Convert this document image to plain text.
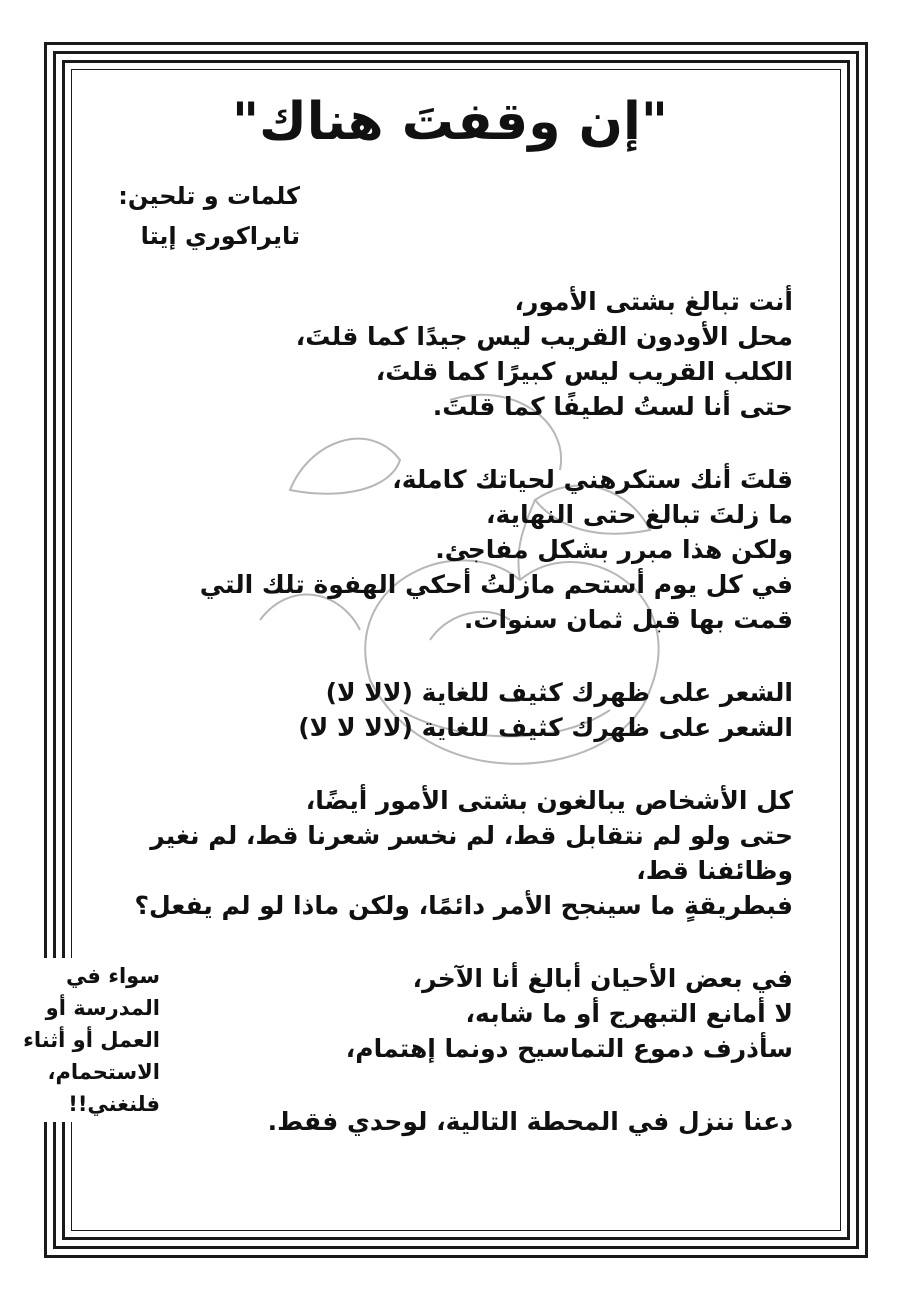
"إن وقفتَ هناك"
كلمات و تلحين:
تايراكوري إيتا
أنت تبالغ بشتى الأمور،
محل الأودون القريب ليس جيدًا كما قلتَ،
الكلب القريب ليس كبيرًا كما قلتَ،
حتى أنا لستُ لطيفًا كما قلتَ.
قلتَ أنك ستكرهني لحياتك كاملة،
ما زلتَ تبالغ حتى النهاية،
ولكن هذا مبرر بشكل مفاجئ.
في كل يوم أستحم مازلتُ أحكي الهفوة تلك التي
قمت بها قبل ثمان سنوات.
الشعر على ظهرك كثيف للغاية (لالا لا)
الشعر على ظهرك كثيف للغاية (لالا لا لا)
كل الأشخاص يبالغون بشتى الأمور أيضًا،
حتى ولو لم نتقابل قط، لم نخسر شعرنا قط، لم نغير
وظائفنا قط،
فبطريقةٍ ما سينجح الأمر دائمًا، ولكن ماذا لو لم يفعل؟
في بعض الأحيان أبالغ أنا الآخر،
لا أمانع التبهرج أو ما شابه،
سأذرف دموع التماسيح دونما إهتمام،
دعنا ننزل في المحطة التالية، لوحدي فقط.
سواء في
المدرسة أو
العمل أو أثناء
الاستحمام،
فلنغني!!
